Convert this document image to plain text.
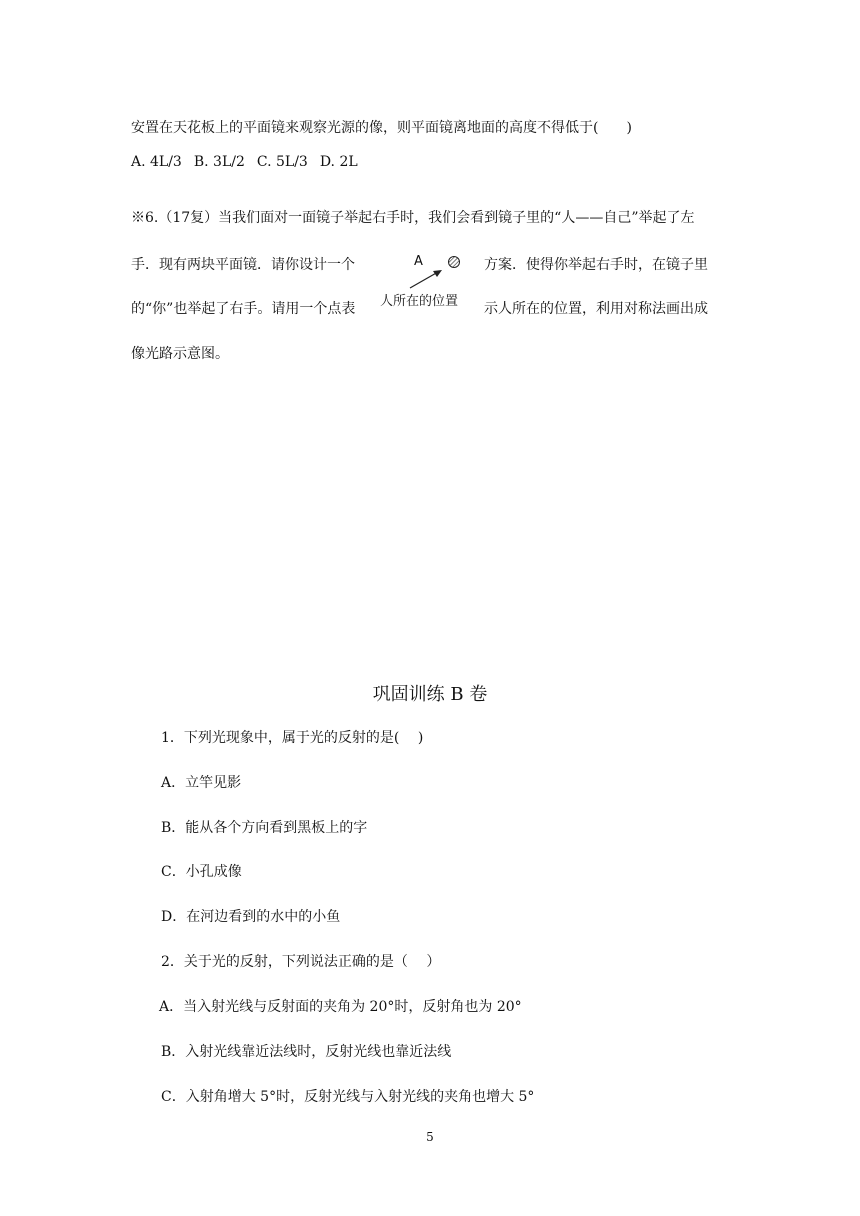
安置在天花板上的平面镜来观察光源的像，则平面镜离地面的高度不得低于(　　)
A. 4L/3 B. 3L/2 C. 5L/3 D. 2L
※6.（17复）当我们面对一面镜子举起右手时，我们会看到镜子里的“人——自己”举起了左
手．现有两块平面镜．请你设计一个	方案．使得你举起右手时，在镜子里
的“你”也举起了右手。请用一个点表	示人所在的位置，利用对称法画出成
像光路示意图。
A
人所在的位置
巩固训练 B 卷
1．下列光现象中，属于光的反射的是(　 )
A．立竿见影
B．能从各个方向看到黑板上的字
C．小孔成像
D．在河边看到的水中的小鱼
2．关于光的反射，下列说法正确的是（　 ）
A．当入射光线与反射面的夹角为 20°时，反射角也为 20°
B．入射光线靠近法线时，反射光线也靠近法线
C．入射角增大 5°时，反射光线与入射光线的夹角也增大 5°
5
